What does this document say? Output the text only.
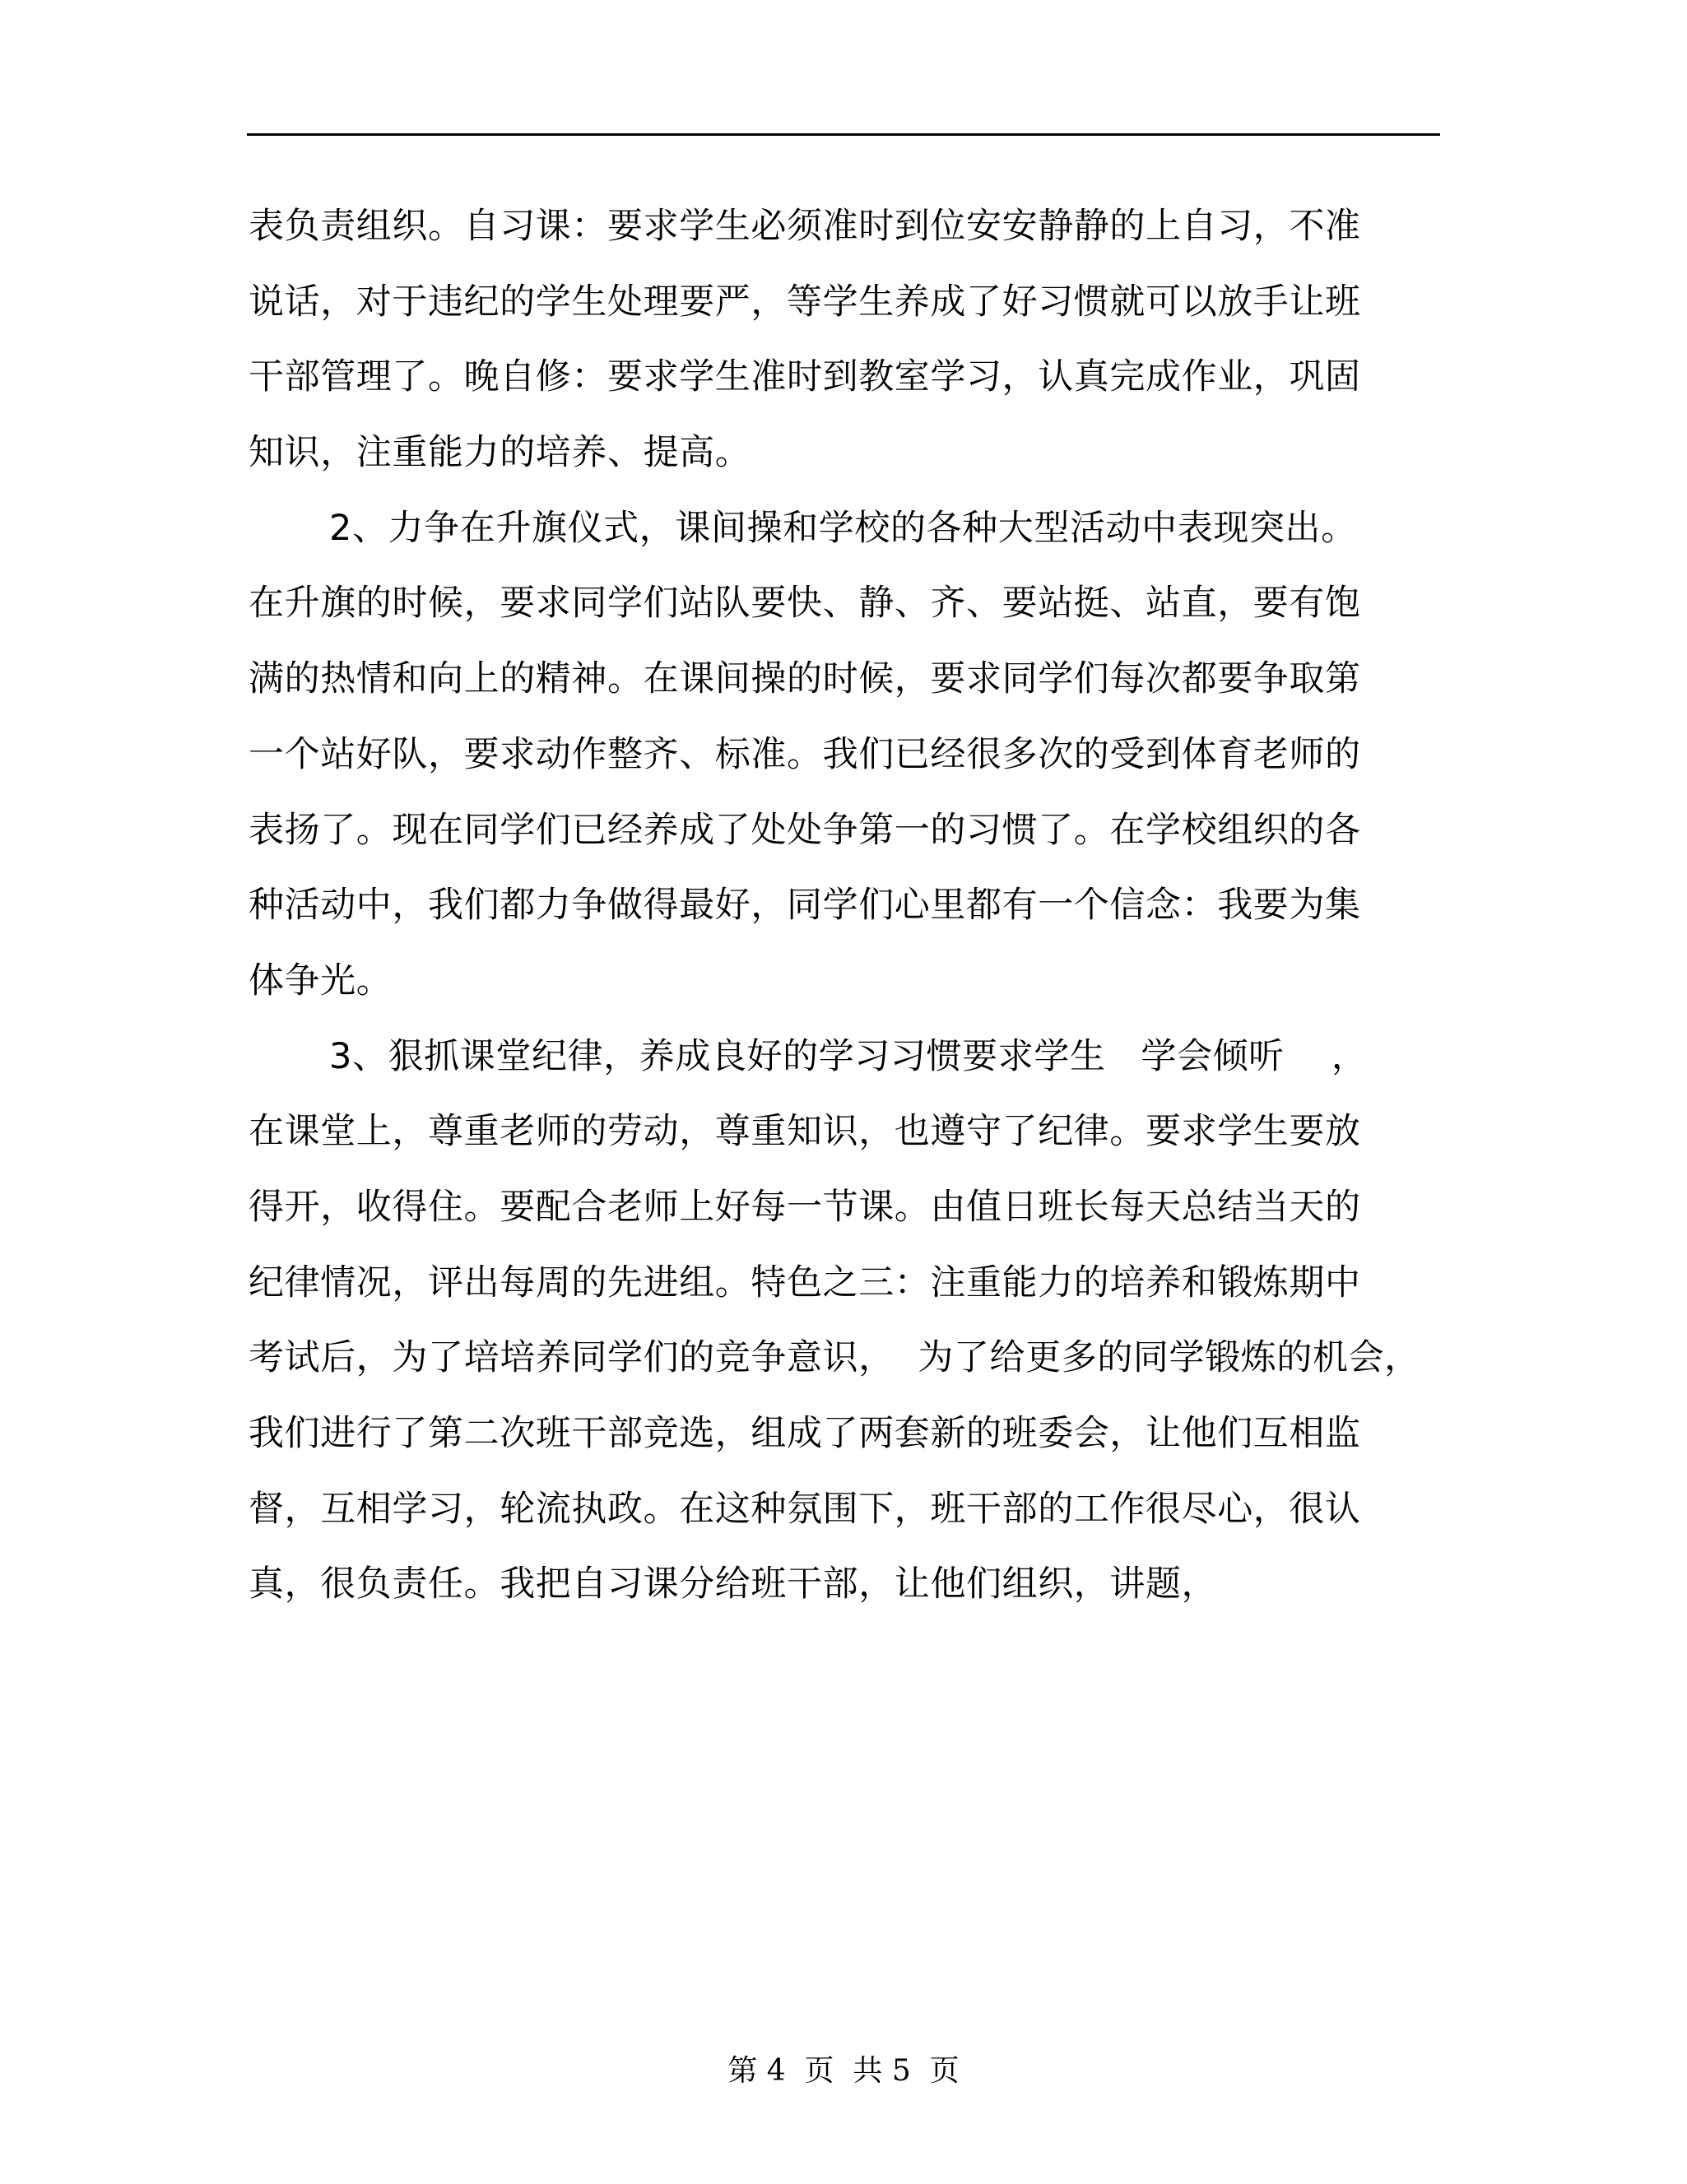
表负责组织。自习课：要求学生必须准时到位安安静静的上自习，不准
说话，对于违纪的学生处理要严，等学生养成了好习惯就可以放手让班
干部管理了。晚自修：要求学生准时到教室学习，认真完成作业，巩固
知识，注重能力的培养、提高。
2、力争在升旗仪式，课间操和学校的各种大型活动中表现突出。
在升旗的时候，要求同学们站队要快、静、齐、要站挺、站直，要有饱
满的热情和向上的精神。在课间操的时候，要求同学们每次都要争取第
一个站好队，要求动作整齐、标准。我们已经很多次的受到体育老师的
表扬了。现在同学们已经养成了处处争第一的习惯了。在学校组织的各
种活动中，我们都力争做得最好，同学们心里都有一个信念：我要为集
体争光。
3、狠抓课堂纪律，养成良好的学习习惯要求学生   学会倾听    ，
在课堂上，尊重老师的劳动，尊重知识，也遵守了纪律。要求学生要放
得开，收得住。要配合老师上好每一节课。由值日班长每天总结当天的
纪律情况，评出每周的先进组。特色之三：注重能力的培养和锻炼期中
考试后，为了培培养同学们的竞争意识，  为了给更多的同学锻炼的机会，
我们进行了第二次班干部竞选，组成了两套新的班委会，让他们互相监
督，互相学习，轮流执政。在这种氛围下，班干部的工作很尽心，很认
真，很负责任。我把自习课分给班干部，让他们组织，讲题，
第 4  页  共 5  页
